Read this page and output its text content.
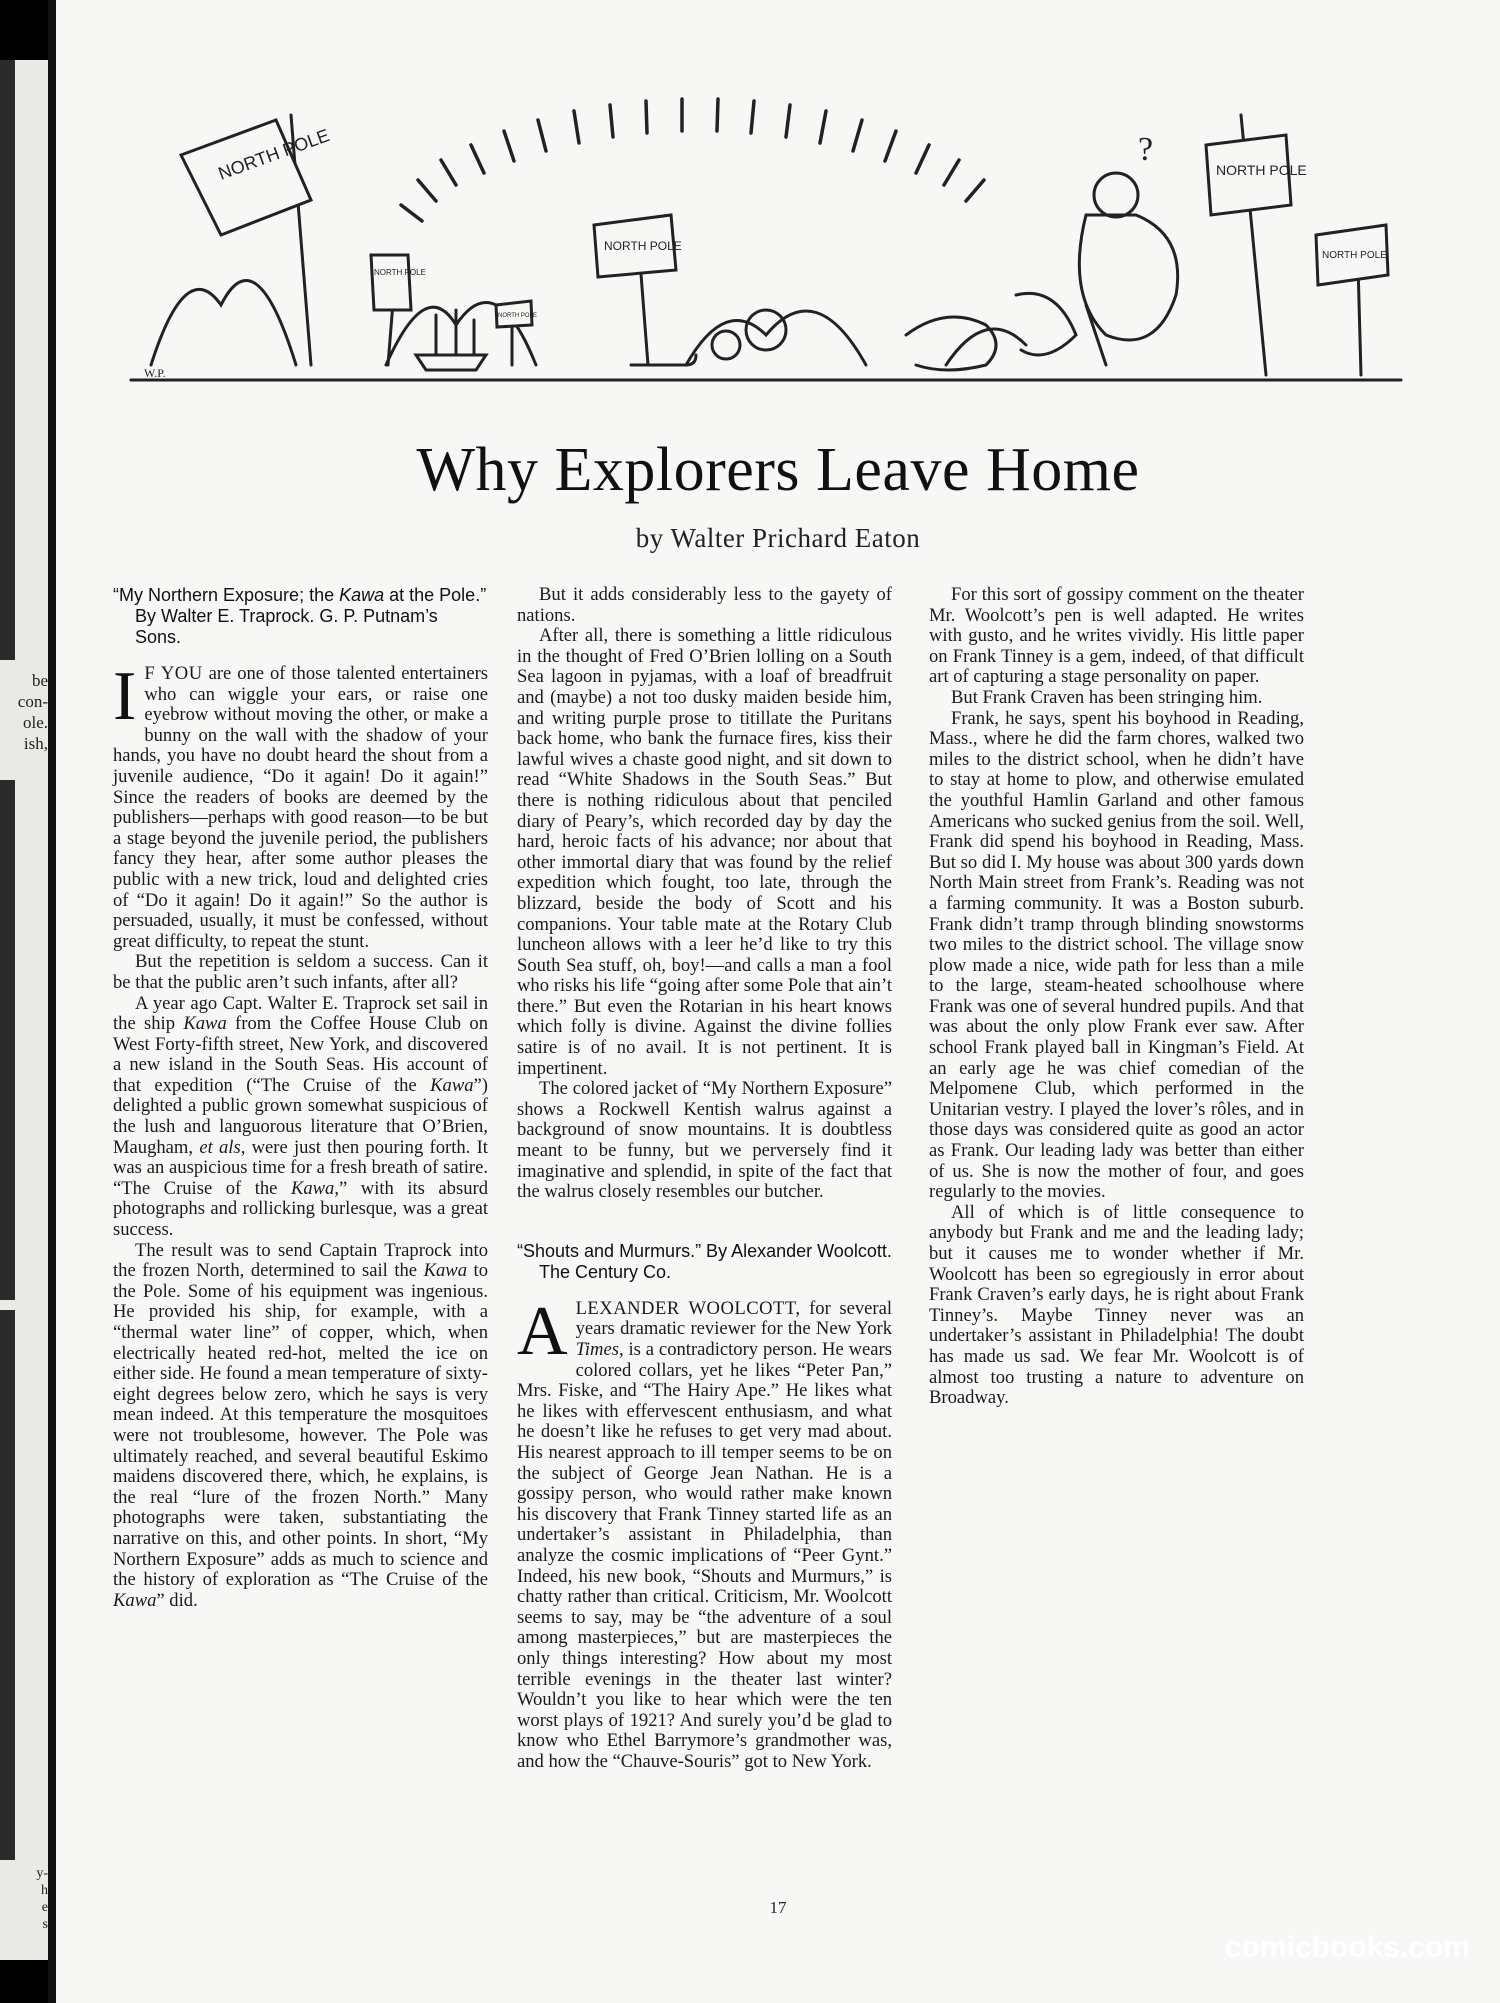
be
con-
ole.
ish,
y-
h
e
s
NORTH POLE
NORTH POLE
NORTH POLE
NORTH POLE
NORTH POLE
NORTH POLE
?
W.P.
Why Explorers Leave Home
by Walter Prichard Eaton
“My Northern Exposure; the Kawa at the Pole.” By Walter E. Traprock. G. P. Putnam’s Sons.

I F YOU are one of those talented entertainers who can wiggle your ears, or raise one eyebrow without moving the other, or make a bunny on the wall with the shadow of your hands, you have no doubt heard the shout from a juvenile audience, “Do it again! Do it again!” Since the readers of books are deemed by the publishers—perhaps with good reason—to be but a stage beyond the juvenile period, the publishers fancy they hear, after some author pleases the public with a new trick, loud and delighted cries of “Do it again! Do it again!” So the author is persuaded, usually, it must be confessed, without great difficulty, to repeat the stunt.

But the repetition is seldom a success. Can it be that the public aren’t such infants, after all?

A year ago Capt. Walter E. Traprock set sail in the ship Kawa from the Coffee House Club on West Forty-fifth street, New York, and discovered a new island in the South Seas. His account of that expedition (“The Cruise of the Kawa”) delighted a public grown somewhat suspicious of the lush and languorous literature that O’Brien, Maugham, et als, were just then pouring forth. It was an auspicious time for a fresh breath of satire. “The Cruise of the Kawa,” with its absurd photographs and rollicking burlesque, was a great success.

The result was to send Captain Traprock into the frozen North, determined to sail the Kawa to the Pole. Some of his equipment was ingenious. He provided his ship, for example, with a “thermal water line” of copper, which, when electrically heated red-hot, melted the ice on either side. He found a mean temperature of sixty-eight degrees below zero, which he says is very mean indeed. At this temperature the mosquitoes were not troublesome, however. The Pole was ultimately reached, and several beautiful Eskimo maidens discovered there, which, he explains, is the real “lure of the frozen North.” Many photographs were taken, substantiating the narrative on this, and other points. In short, “My Northern Exposure” adds as much to science and the history of exploration as “The Cruise of the Kawa” did.

But it adds considerably less to the gayety of nations.

After all, there is something a little ridiculous in the thought of Fred O’Brien lolling on a South Sea lagoon in pyjamas, with a loaf of breadfruit and (maybe) a not too dusky maiden beside him, and writing purple prose to titillate the Puritans back home, who bank the furnace fires, kiss their lawful wives a chaste good night, and sit down to read “White Shadows in the South Seas.” But there is nothing ridiculous about that penciled diary of Peary’s, which recorded day by day the hard, heroic facts of his advance; nor about that other immortal diary that was found by the relief expedition which fought, too late, through the blizzard, beside the body of Scott and his companions. Your table mate at the Rotary Club luncheon allows with a leer he’d like to try this South Sea stuff, oh, boy!—and calls a man a fool who risks his life “going after some Pole that ain’t there.” But even the Rotarian in his heart knows which folly is divine. Against the divine follies satire is of no avail. It is not pertinent. It is impertinent.

The colored jacket of “My Northern Exposure” shows a Rockwell Kentish walrus against a background of snow mountains. It is doubtless meant to be funny, but we perversely find it imaginative and splendid, in spite of the fact that the walrus closely resembles our butcher.

“Shouts and Murmurs.” By Alexander Woolcott. The Century Co.

ALEXANDER WOOLCOTT, for several years dramatic reviewer for the New York Times, is a contradictory person. He wears colored collars, yet he likes “Peter Pan,” Mrs. Fiske, and “The Hairy Ape.” He likes what he likes with effervescent enthusiasm, and what he doesn’t like he refuses to get very mad about. His nearest approach to ill temper seems to be on the subject of George Jean Nathan. He is a gossipy person, who would rather make known his discovery that Frank Tinney started life as an undertaker’s assistant in Philadelphia, than analyze the cosmic implications of “Peer Gynt.” Indeed, his new book, “Shouts and Murmurs,” is chatty rather than critical. Criticism, Mr. Woolcott seems to say, may be “the adventure of a soul among masterpieces,” but are masterpieces the only things interesting? How about my most terrible evenings in the theater last winter? Wouldn’t you like to hear which were the ten worst plays of 1921? And surely you’d be glad to know who Ethel Barrymore’s grandmother was, and how the “Chauve-Souris” got to New York.

For this sort of gossipy comment on the theater Mr. Woolcott’s pen is well adapted. He writes with gusto, and he writes vividly. His little paper on Frank Tinney is a gem, indeed, of that difficult art of capturing a stage personality on paper.

But Frank Craven has been stringing him.

Frank, he says, spent his boyhood in Reading, Mass., where he did the farm chores, walked two miles to the district school, when he didn’t have to stay at home to plow, and otherwise emulated the youthful Hamlin Garland and other famous Americans who sucked genius from the soil. Well, Frank did spend his boyhood in Reading, Mass. But so did I. My house was about 300 yards down North Main street from Frank’s. Reading was not a farming community. It was a Boston suburb. Frank didn’t tramp through blinding snowstorms two miles to the district school. The village snow plow made a nice, wide path for less than a mile to the large, steam-heated schoolhouse where Frank was one of several hundred pupils. And that was about the only plow Frank ever saw. After school Frank played ball in Kingman’s Field. At an early age he was chief comedian of the Melpomene Club, which performed in the Unitarian vestry. I played the lover’s rôles, and in those days was considered quite as good an actor as Frank. Our leading lady was better than either of us. She is now the mother of four, and goes regularly to the movies.

All of which is of little consequence to anybody but Frank and me and the leading lady; but it causes me to wonder whether if Mr. Woolcott has been so egregiously in error about Frank Craven’s early days, he is right about Frank Tinney’s. Maybe Tinney never was an undertaker’s assistant in Philadelphia! The doubt has made us sad. We fear Mr. Woolcott is of almost too trusting a nature to adventure on Broadway.

17
comicbooks.com
